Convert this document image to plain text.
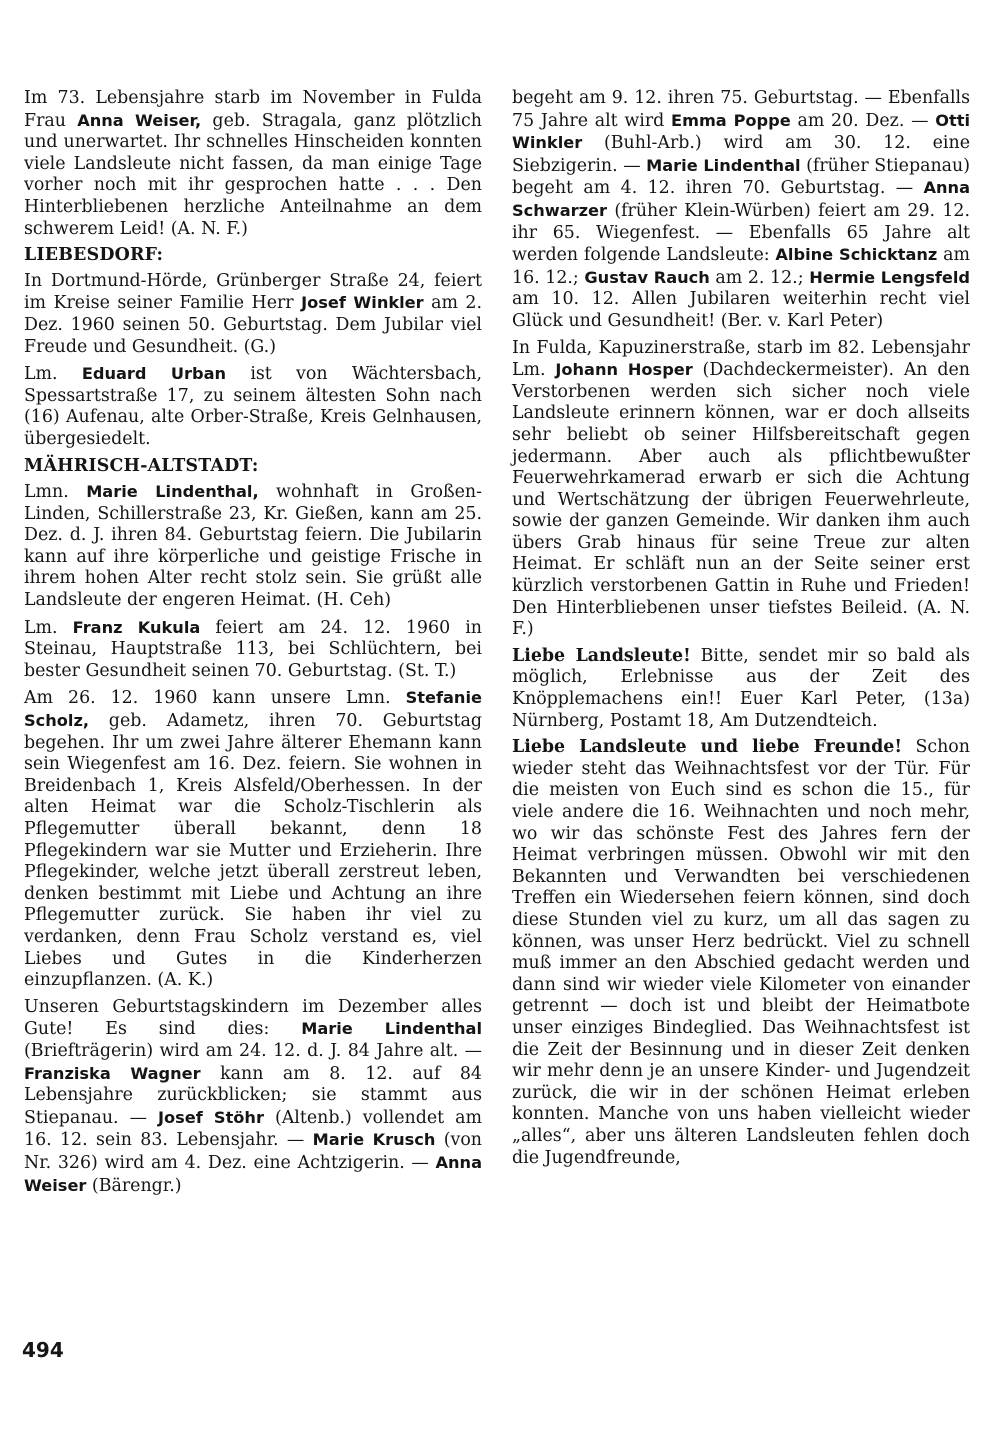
Im 73. Lebensjahre starb im November in Fulda Frau Anna Weiser, geb. Stragala, ganz plötzlich und unerwartet. Ihr schnelles Hinscheiden konnten viele Landsleute nicht fassen, da man einige Tage vorher noch mit ihr gesprochen hatte . . . Den Hinterbliebenen herzliche Anteilnahme an dem schwerem Leid! (A. N. F.)

LIEBESDORF:

In Dortmund-Hörde, Grünberger Straße 24, feiert im Kreise seiner Familie Herr Josef Winkler am 2. Dez. 1960 seinen 50. Geburtstag. Dem Jubilar viel Freude und Gesundheit. (G.)

Lm. Eduard Urban ist von Wächtersbach, Spessartstraße 17, zu seinem ältesten Sohn nach (16) Aufenau, alte Orber-Straße, Kreis Gelnhausen, übergesiedelt.

MÄHRISCH-ALTSTADT:

Lmn. Marie Lindenthal, wohnhaft in Großen-Linden, Schillerstraße 23, Kr. Gießen, kann am 25. Dez. d. J. ihren 84. Geburtstag feiern. Die Jubilarin kann auf ihre körperliche und geistige Frische in ihrem hohen Alter recht stolz sein. Sie grüßt alle Landsleute der engeren Heimat. (H. Ceh)

Lm. Franz Kukula feiert am 24. 12. 1960 in Steinau, Hauptstraße 113, bei Schlüchtern, bei bester Gesundheit seinen 70. Geburtstag. (St. T.)

Am 26. 12. 1960 kann unsere Lmn. Stefanie Scholz, geb. Adametz, ihren 70. Geburtstag begehen. Ihr um zwei Jahre älterer Ehemann kann sein Wiegenfest am 16. Dez. feiern. Sie wohnen in Breidenbach 1, Kreis Alsfeld/Oberhessen. In der alten Heimat war die Scholz-Tischlerin als Pflegemutter überall bekannt, denn 18 Pflegekindern war sie Mutter und Erzieherin. Ihre Pflegekinder, welche jetzt überall zerstreut leben, denken bestimmt mit Liebe und Achtung an ihre Pflegemutter zurück. Sie haben ihr viel zu verdanken, denn Frau Scholz verstand es, viel Liebes und Gutes in die Kinderherzen einzupflanzen. (A. K.)

Unseren Geburtstagskindern im Dezember alles Gute! Es sind dies: Marie Lindenthal (Briefträgerin) wird am 24. 12. d. J. 84 Jahre alt. — Franziska Wagner kann am 8. 12. auf 84 Lebensjahre zurückblicken; sie stammt aus Stiepanau. — Josef Stöhr (Altenb.) vollendet am 16. 12. sein 83. Lebensjahr. — Marie Krusch (von Nr. 326) wird am 4. Dez. eine Achtzigerin. — Anna Weiser (Bärengr.)

begeht am 9. 12. ihren 75. Geburtstag. — Ebenfalls 75 Jahre alt wird Emma Poppe am 20. Dez. — Otti Winkler (Buhl-Arb.) wird am 30. 12. eine Siebzigerin. — Marie Lindenthal (früher Stiepanau) begeht am 4. 12. ihren 70. Geburtstag. — Anna Schwarzer (früher Klein-Würben) feiert am 29. 12. ihr 65. Wiegenfest. — Ebenfalls 65 Jahre alt werden folgende Landsleute: Albine Schicktanz am 16. 12.; Gustav Rauch am 2. 12.; Hermie Lengsfeld am 10. 12. Allen Jubilaren weiterhin recht viel Glück und Gesundheit! (Ber. v. Karl Peter)

In Fulda, Kapuzinerstraße, starb im 82. Lebensjahr Lm. Johann Hosper (Dachdeckermeister). An den Verstorbenen werden sich sicher noch viele Landsleute erinnern können, war er doch allseits sehr beliebt ob seiner Hilfsbereitschaft gegen jedermann. Aber auch als pflichtbewußter Feuerwehrkamerad erwarb er sich die Achtung und Wertschätzung der übrigen Feuerwehrleute, sowie der ganzen Gemeinde. Wir danken ihm auch übers Grab hinaus für seine Treue zur alten Heimat. Er schläft nun an der Seite seiner erst kürzlich verstorbenen Gattin in Ruhe und Frieden! Den Hinterbliebenen unser tiefstes Beileid. (A. N. F.)

Liebe Landsleute! Bitte, sendet mir so bald als möglich, Erlebnisse aus der Zeit des Knöpplemachens ein!! Euer Karl Peter, (13a) Nürnberg, Postamt 18, Am Dutzendteich.

Liebe Landsleute und liebe Freunde! Schon wieder steht das Weihnachtsfest vor der Tür. Für die meisten von Euch sind es schon die 15., für viele andere die 16. Weihnachten und noch mehr, wo wir das schönste Fest des Jahres fern der Heimat verbringen müssen. Obwohl wir mit den Bekannten und Verwandten bei verschiedenen Treffen ein Wiedersehen feiern können, sind doch diese Stunden viel zu kurz, um all das sagen zu können, was unser Herz bedrückt. Viel zu schnell muß immer an den Abschied gedacht werden und dann sind wir wieder viele Kilometer von einander getrennt — doch ist und bleibt der Heimatbote unser einziges Bindeglied. Das Weihnachtsfest ist die Zeit der Besinnung und in dieser Zeit denken wir mehr denn je an unsere Kinder- und Jugendzeit zurück, die wir in der schönen Heimat erleben konnten. Manche von uns haben vielleicht wieder „alles“, aber uns älteren Landsleuten fehlen doch die Jugendfreunde,

494
